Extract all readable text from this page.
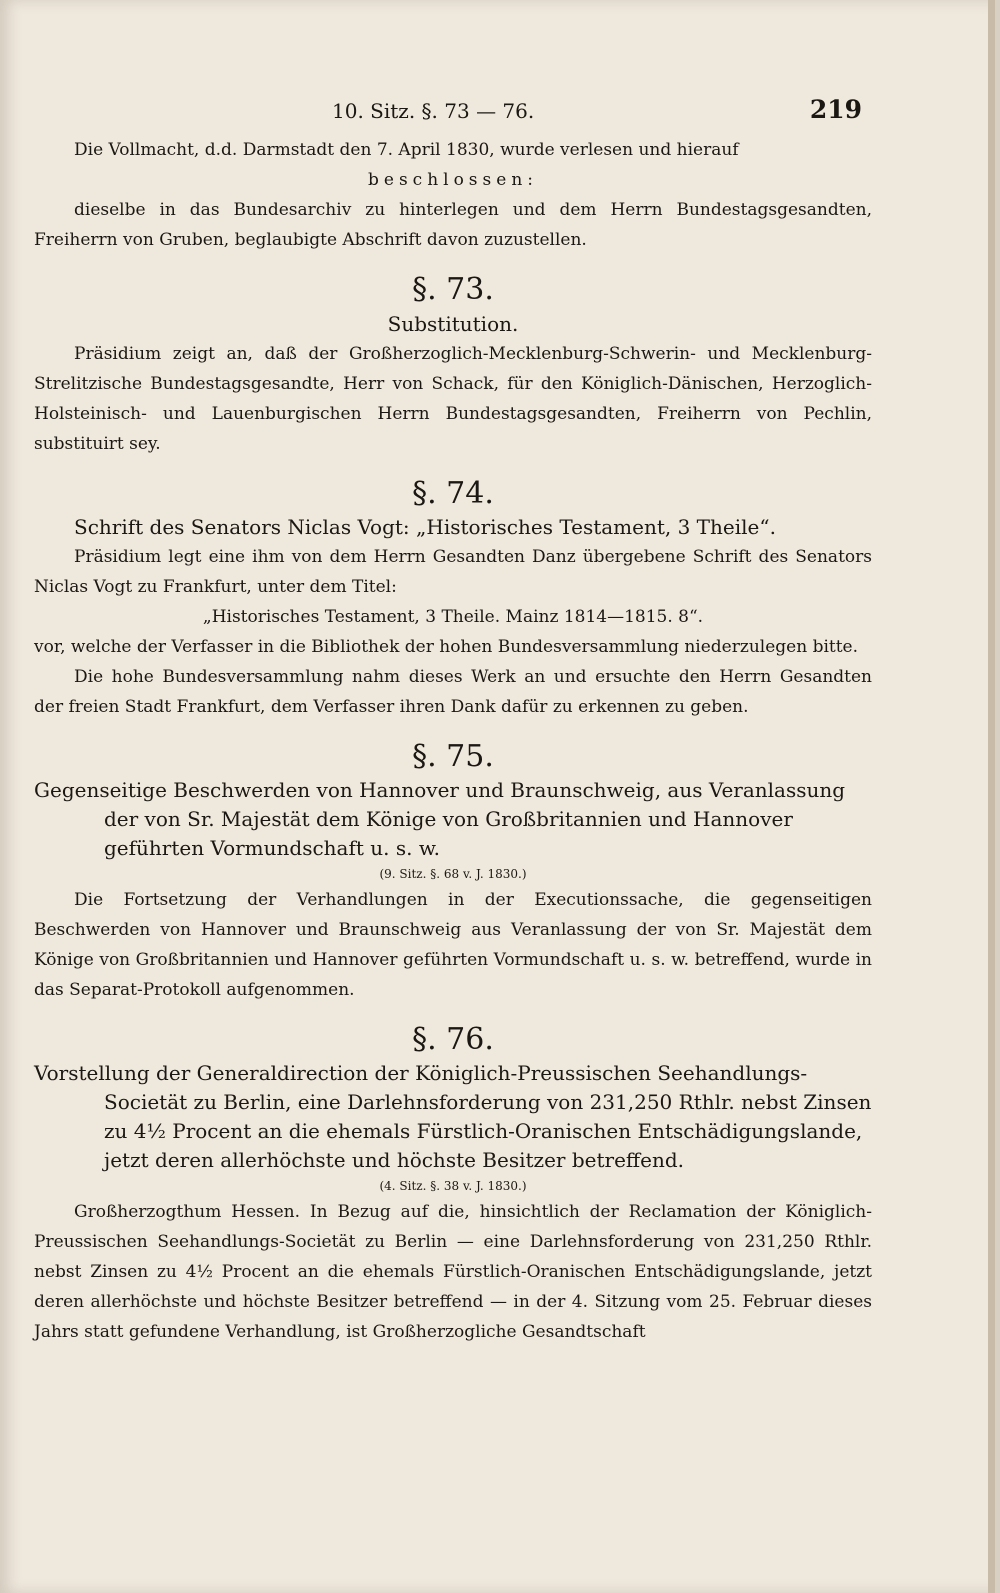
10. Sitz. §. 73 — 76.	219

Die Vollmacht, d.d. Darmstadt den 7. April 1830, wurde verlesen und hierauf

beschlossen:

dieselbe in das Bundesarchiv zu hinterlegen und dem Herrn Bundestagsgesandten, Freiherrn von Gruben, beglaubigte Abschrift davon zuzustellen.

§. 73.
Substitution.

Präsidium zeigt an, daß der Großherzoglich-Mecklenburg-Schwerin- und Mecklenburg-Strelitzische Bundestagsgesandte, Herr von Schack, für den Königlich-Dänischen, Herzoglich-Holsteinisch- und Lauenburgischen Herrn Bundestagsgesandten, Freiherrn von Pechlin, substituirt sey.

§. 74.

Schrift des Senators Niclas Vogt: „Historisches Testament, 3 Theile“.

Präsidium legt eine ihm von dem Herrn Gesandten Danz übergebene Schrift des Senators Niclas Vogt zu Frankfurt, unter dem Titel:

„Historisches Testament, 3 Theile. Mainz 1814—1815. 8“.

vor, welche der Verfasser in die Bibliothek der hohen Bundesversammlung niederzulegen bitte.

Die hohe Bundesversammlung nahm dieses Werk an und ersuchte den Herrn Gesandten der freien Stadt Frankfurt, dem Verfasser ihren Dank dafür zu erkennen zu geben.

§. 75.

Gegenseitige Beschwerden von Hannover und Braunschweig, aus Veranlassung der von Sr. Majestät dem Könige von Großbritannien und Hannover geführten Vormundschaft u. s. w.

(9. Sitz. §. 68 v. J. 1830.)

Die Fortsetzung der Verhandlungen in der Executionssache, die gegenseitigen Beschwerden von Hannover und Braunschweig aus Veranlassung der von Sr. Majestät dem Könige von Großbritannien und Hannover geführten Vormundschaft u. s. w. betreffend, wurde in das Separat-Protokoll aufgenommen.

§. 76.

Vorstellung der Generaldirection der Königlich-Preussischen Seehandlungs-Societät zu Berlin, eine Darlehnsforderung von 231,250 Rthlr. nebst Zinsen zu 4½ Procent an die ehemals Fürstlich-Oranischen Entschädigungslande, jetzt deren allerhöchste und höchste Besitzer betreffend.

(4. Sitz. §. 38 v. J. 1830.)

Großherzogthum Hessen. In Bezug auf die, hinsichtlich der Reclamation der Königlich-Preussischen Seehandlungs-Societät zu Berlin — eine Darlehnsforderung von 231,250 Rthlr. nebst Zinsen zu 4½ Procent an die ehemals Fürstlich-Oranischen Entschädigungslande, jetzt deren allerhöchste und höchste Besitzer betreffend — in der 4. Sitzung vom 25. Februar dieses Jahrs statt gefundene Verhandlung, ist Großherzogliche Gesandtschaft
